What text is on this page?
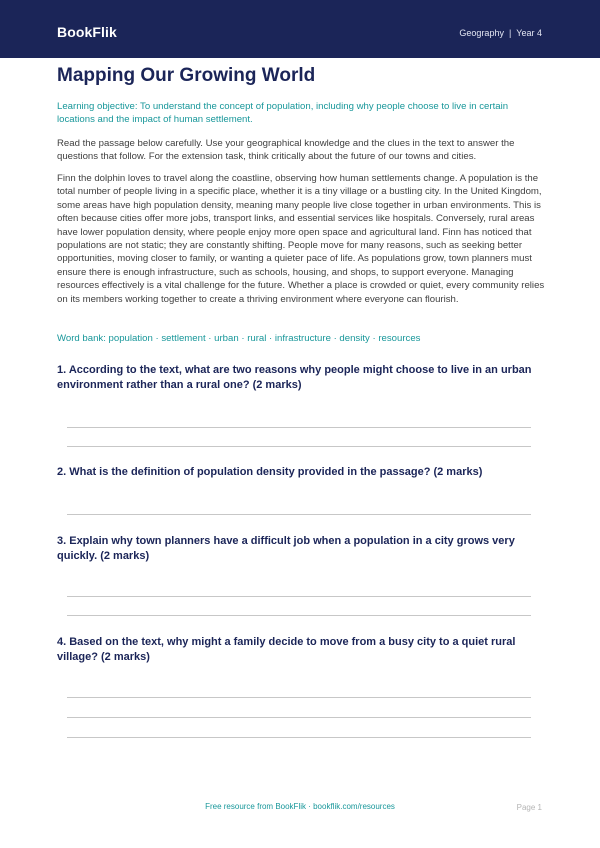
BookFlik	Geography | Year 4
Mapping Our Growing World
Learning objective: To understand the concept of population, including why people choose to live in certain locations and the impact of human settlement.
Read the passage below carefully. Use your geographical knowledge and the clues in the text to answer the questions that follow. For the extension task, think critically about the future of our towns and cities.
Finn the dolphin loves to travel along the coastline, observing how human settlements change. A population is the total number of people living in a specific place, whether it is a tiny village or a bustling city. In the United Kingdom, some areas have high population density, meaning many people live close together in urban environments. This is often because cities offer more jobs, transport links, and essential services like hospitals. Conversely, rural areas have lower population density, where people enjoy more open space and agricultural land. Finn has noticed that populations are not static; they are constantly shifting. People move for many reasons, such as seeking better opportunities, moving closer to family, or wanting a quieter pace of life. As populations grow, town planners must ensure there is enough infrastructure, such as schools, housing, and shops, to support everyone. Managing resources effectively is a vital challenge for the future. Whether a place is crowded or quiet, every community relies on its members working together to create a thriving environment where everyone can flourish.
Word bank: population · settlement · urban · rural · infrastructure · density · resources
1. According to the text, what are two reasons why people might choose to live in an urban environment rather than a rural one? (2 marks)
2. What is the definition of population density provided in the passage? (2 marks)
3. Explain why town planners have a difficult job when a population in a city grows very quickly. (2 marks)
4. Based on the text, why might a family decide to move from a busy city to a quiet rural village? (2 marks)
Free resource from BookFlik · bookflik.com/resources	Page 1
